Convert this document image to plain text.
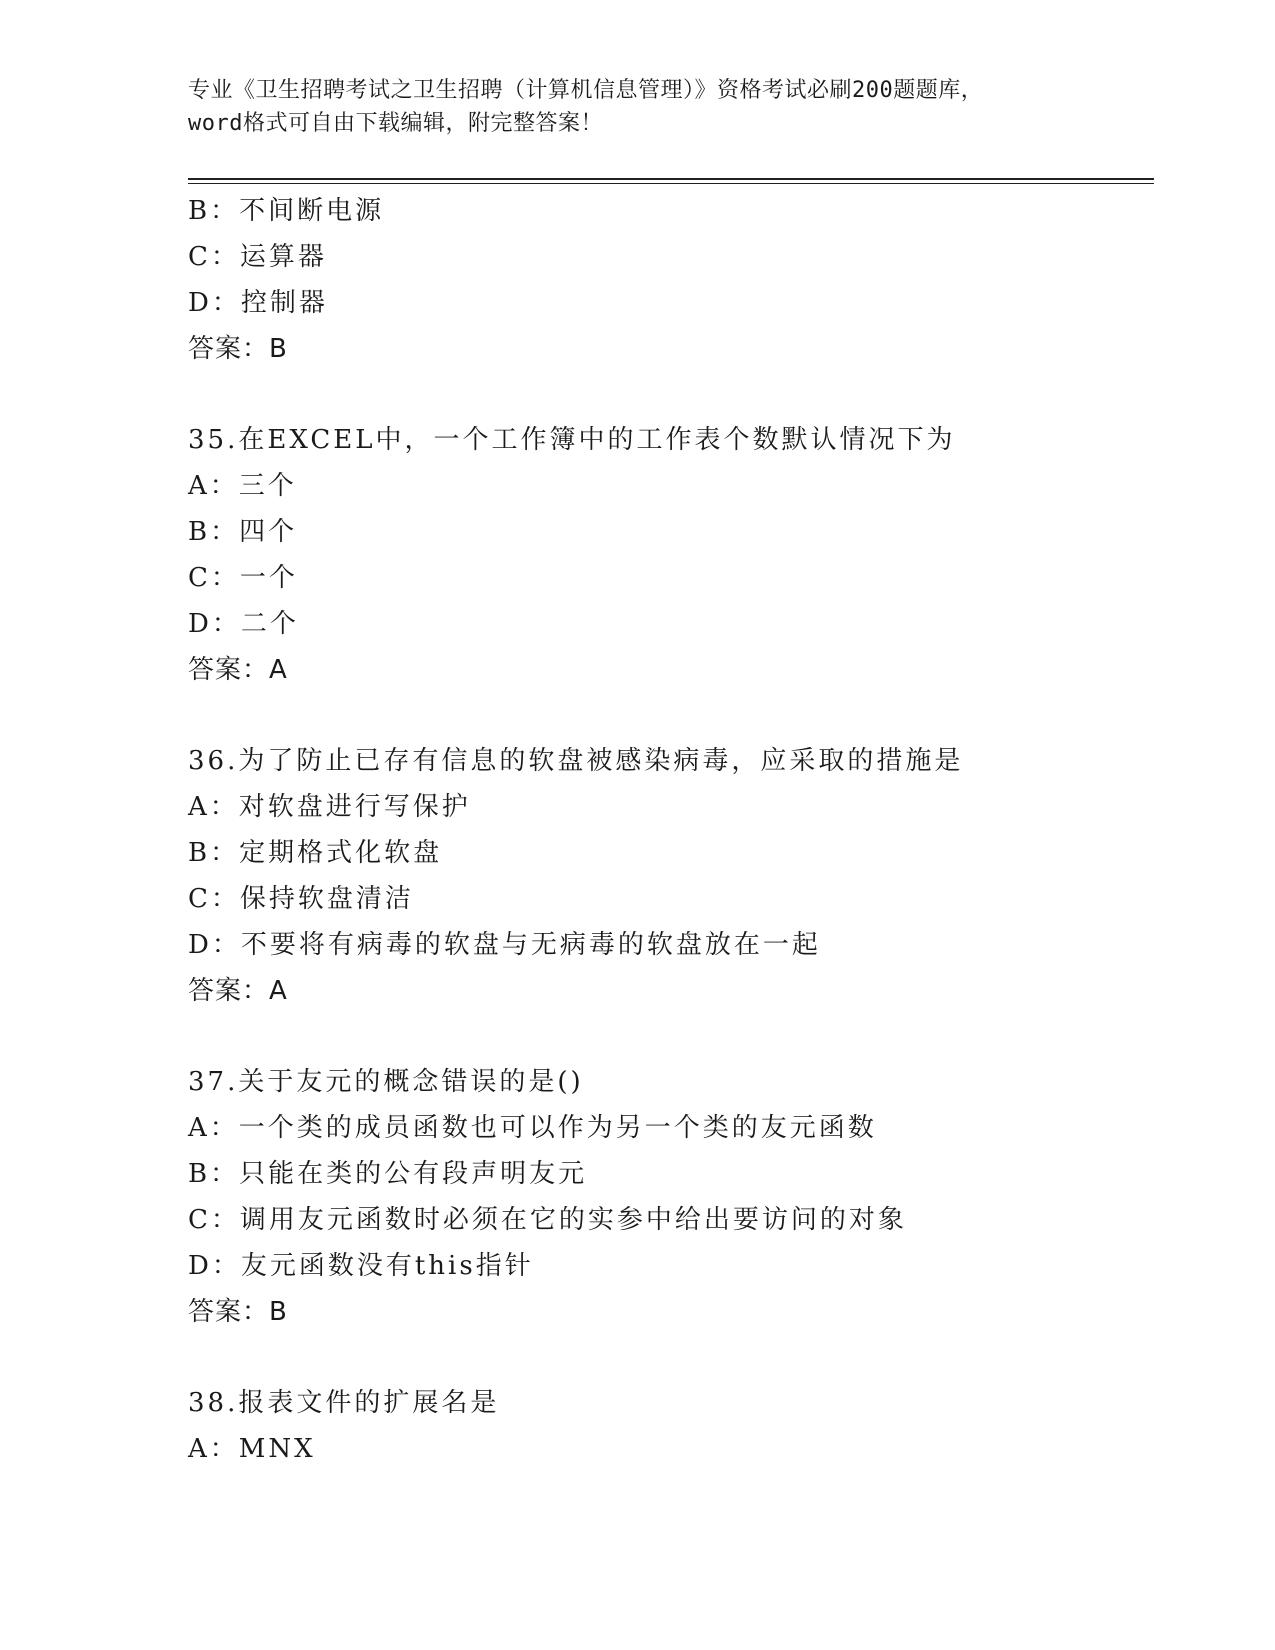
专业《卫生招聘考试之卫生招聘（计算机信息管理）》资格考试必刷200题题库，
word格式可自由下载编辑，附完整答案！
B：不间断电源
C：运算器
D：控制器
答案：B
35.在EXCEL中，一个工作簿中的工作表个数默认情况下为
A：三个
B：四个
C：一个
D：二个
答案：A
36.为了防止已存有信息的软盘被感染病毒，应采取的措施是
A：对软盘进行写保护
B：定期格式化软盘
C：保持软盘清洁
D：不要将有病毒的软盘与无病毒的软盘放在一起
答案：A
37.关于友元的概念错误的是()
A：一个类的成员函数也可以作为另一个类的友元函数
B：只能在类的公有段声明友元
C：调用友元函数时必须在它的实参中给出要访问的对象
D：友元函数没有this指针
答案：B
38.报表文件的扩展名是
A：MNX
